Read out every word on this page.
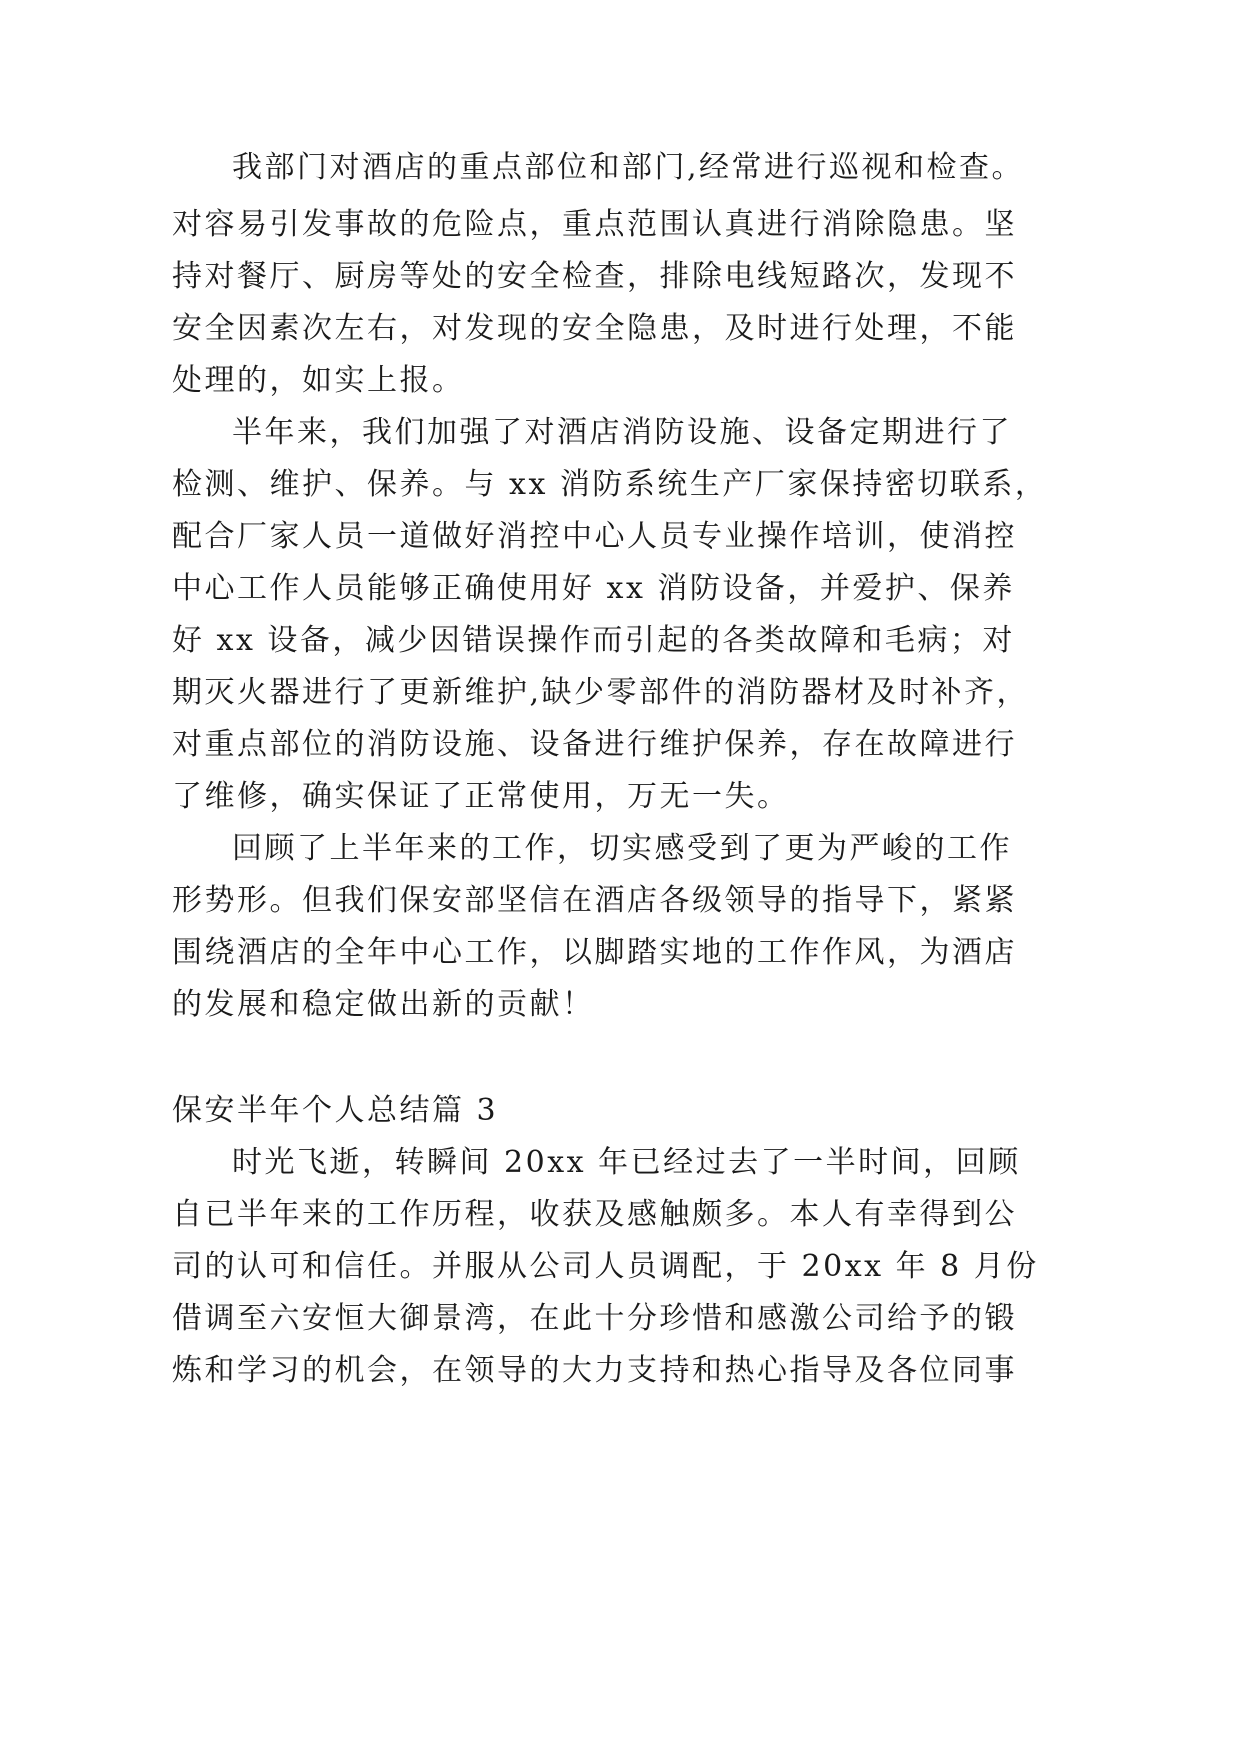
我部门对酒店的重点部位和部门,经常进行巡视和检查。
对容易引发事故的危险点，重点范围认真进行消除隐患。坚
持对餐厅、厨房等处的安全检查，排除电线短路次，发现不
安全因素次左右，对发现的安全隐患，及时进行处理，不能
处理的，如实上报。
半年来，我们加强了对酒店消防设施、设备定期进行了
检测、维护、保养。与 xx 消防系统生产厂家保持密切联系，
配合厂家人员一道做好消控中心人员专业操作培训，使消控
中心工作人员能够正确使用好 xx 消防设备，并爱护、保养
好 xx 设备，减少因错误操作而引起的各类故障和毛病；对
期灭火器进行了更新维护,缺少零部件的消防器材及时补齐，
对重点部位的消防设施、设备进行维护保养，存在故障进行
了维修，确实保证了正常使用，万无一失。
回顾了上半年来的工作，切实感受到了更为严峻的工作
形势形。但我们保安部坚信在酒店各级领导的指导下，紧紧
围绕酒店的全年中心工作，以脚踏实地的工作作风，为酒店
的发展和稳定做出新的贡献！
保安半年个人总结篇 3
时光飞逝，转瞬间 20xx 年已经过去了一半时间，回顾
自已半年来的工作历程，收获及感触颇多。本人有幸得到公
司的认可和信任。并服从公司人员调配，于 20xx 年 8 月份
借调至六安恒大御景湾，在此十分珍惜和感激公司给予的锻
炼和学习的机会，在领导的大力支持和热心指导及各位同事
